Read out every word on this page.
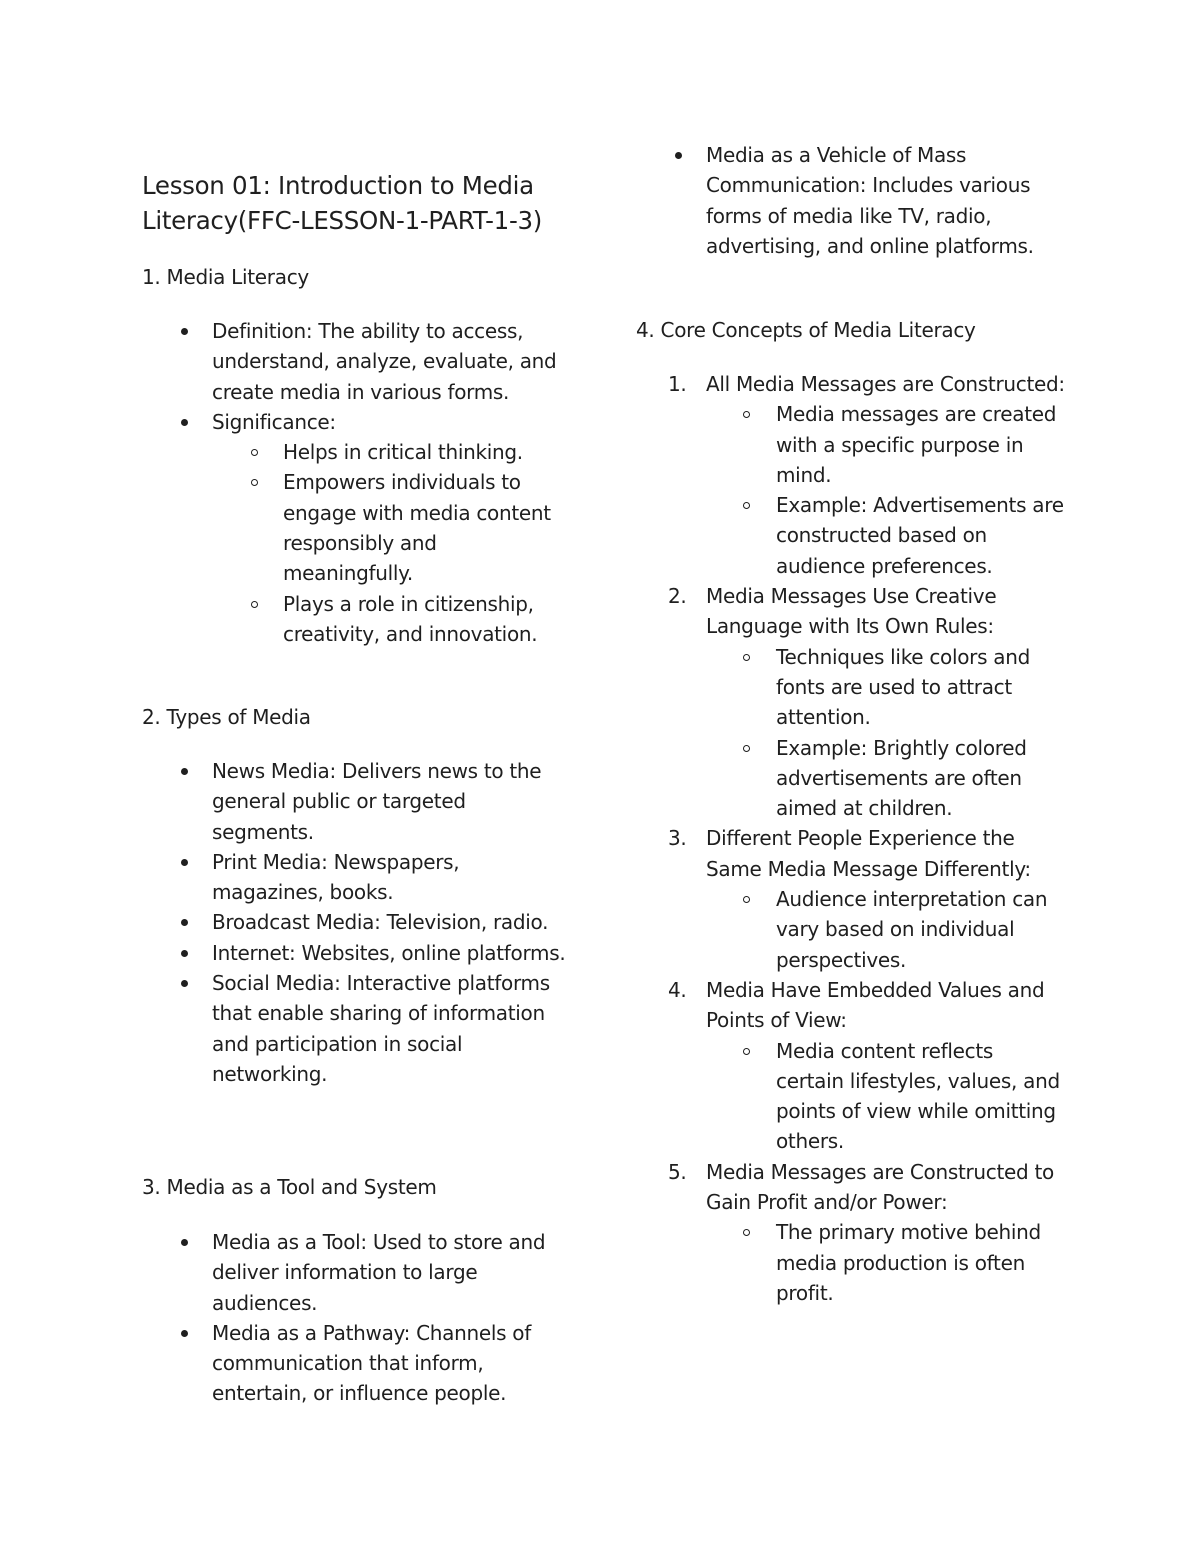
Lesson 01: Introduction to Media Literacy(FFC-LESSON-1-PART-1-3)
1. Media Literacy
Definition: The ability to access, understand, analyze, evaluate, and create media in various forms.
Significance:
Helps in critical thinking.
Empowers individuals to engage with media content responsibly and meaningfully.
Plays a role in citizenship, creativity, and innovation.
2. Types of Media
News Media: Delivers news to the general public or targeted segments.
Print Media: Newspapers, magazines, books.
Broadcast Media: Television, radio.
Internet: Websites, online platforms.
Social Media: Interactive platforms that enable sharing of information and participation in social networking.
3. Media as a Tool and System
Media as a Tool: Used to store and deliver information to large audiences.
Media as a Pathway: Channels of communication that inform, entertain, or influence people.
Media as a Vehicle of Mass Communication: Includes various forms of media like TV, radio, advertising, and online platforms.
4. Core Concepts of Media Literacy
1. All Media Messages are Constructed:
Media messages are created with a specific purpose in mind.
Example: Advertisements are constructed based on audience preferences.
2. Media Messages Use Creative Language with Its Own Rules:
Techniques like colors and fonts are used to attract attention.
Example: Brightly colored advertisements are often aimed at children.
3. Different People Experience the Same Media Message Differently:
Audience interpretation can vary based on individual perspectives.
4. Media Have Embedded Values and Points of View:
Media content reflects certain lifestyles, values, and points of view while omitting others.
5. Media Messages are Constructed to Gain Profit and/or Power:
The primary motive behind media production is often profit.
